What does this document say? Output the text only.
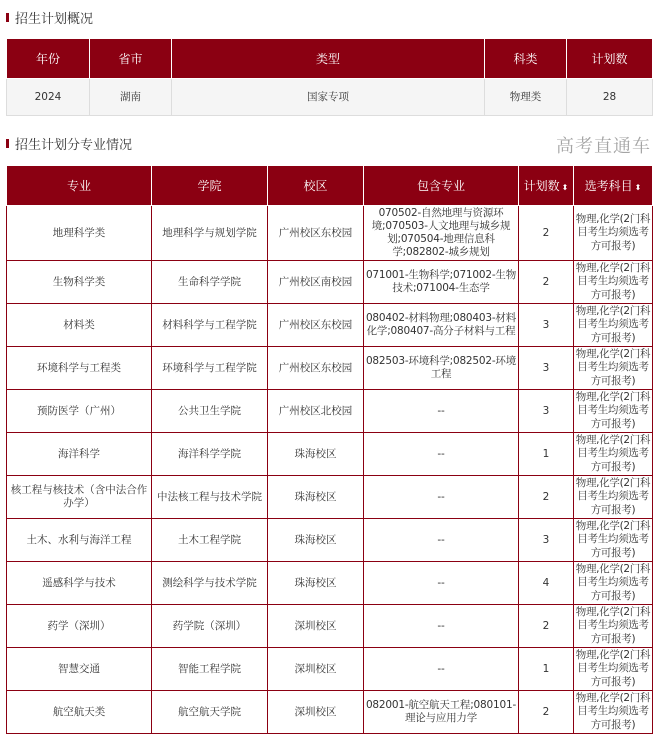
招生计划概况
年份	省市	类型	科类	计划数
2024	湖南	国家专项	物理类	28
招生计划分专业情况
专业	学院	校区	包含专业	计划数 ⬍	选考科目 ⬍
地理科学类	地理科学与规划学院	广州校区东校园	070502-自然地理与资源环境;070503-人文地理与城乡规划;070504-地理信息科学;082802-城乡规划	2	物理,化学(2门科目考生均须选考方可报考)
生物科学类	生命科学学院	广州校区南校园	071001-生物科学;071002-生物技术;071004-生态学	2	物理,化学(2门科目考生均须选考方可报考)
材料类	材料科学与工程学院	广州校区东校园	080402-材料物理;080403-材料化学;080407-高分子材料与工程	3	物理,化学(2门科目考生均须选考方可报考)
环境科学与工程类	环境科学与工程学院	广州校区东校园	082503-环境科学;082502-环境工程	3	物理,化学(2门科目考生均须选考方可报考)
预防医学（广州）	公共卫生学院	广州校区北校园	--	3	物理,化学(2门科目考生均须选考方可报考)
海洋科学	海洋科学学院	珠海校区	--	1	物理,化学(2门科目考生均须选考方可报考)
核工程与核技术（含中法合作办学）	中法核工程与技术学院	珠海校区	--	2	物理,化学(2门科目考生均须选考方可报考)
土木、水利与海洋工程	土木工程学院	珠海校区	--	3	物理,化学(2门科目考生均须选考方可报考)
遥感科学与技术	测绘科学与技术学院	珠海校区	--	4	物理,化学(2门科目考生均须选考方可报考)
药学（深圳）	药学院（深圳）	深圳校区	--	2	物理,化学(2门科目考生均须选考方可报考)
智慧交通	智能工程学院	深圳校区	--	1	物理,化学(2门科目考生均须选考方可报考)
航空航天类	航空航天学院	深圳校区	082001-航空航天工程;080101-理论与应用力学	2	物理,化学(2门科目考生均须选考方可报考)
高考直通车
